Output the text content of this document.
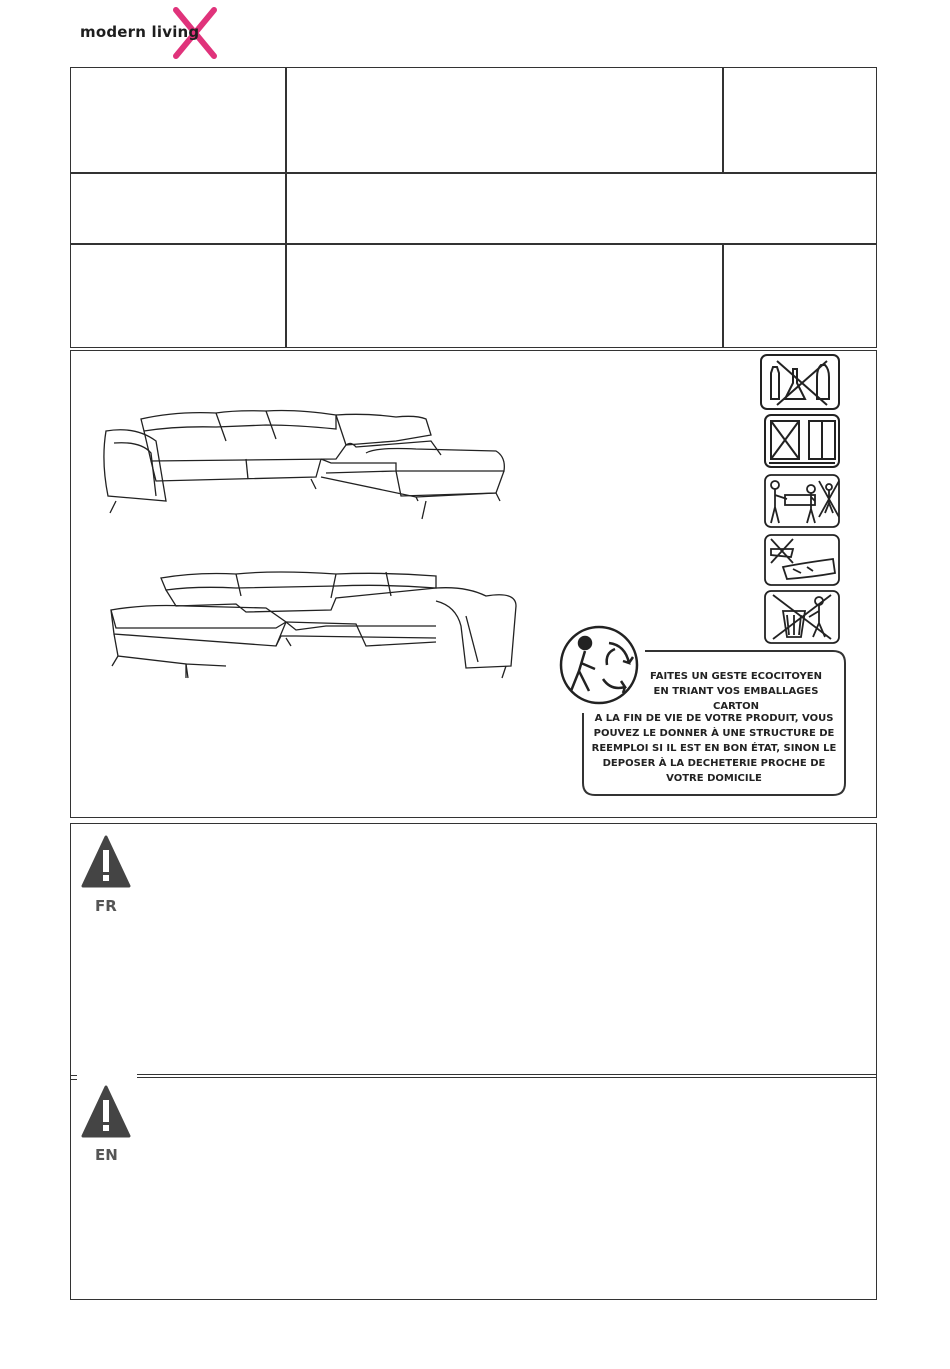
modern living
FAITES UN GESTE ECOCITOYEN
EN TRIANT VOS EMBALLAGES CARTON
A LA FIN DE VIE DE VOTRE PRODUIT, VOUS
POUVEZ LE DONNER À UNE STRUCTURE DE
REEMPLOI SI IL EST EN BON ÉTAT, SINON LE
DEPOSER À LA DECHETERIE PROCHE DE
VOTRE DOMICILE
FR
EN
